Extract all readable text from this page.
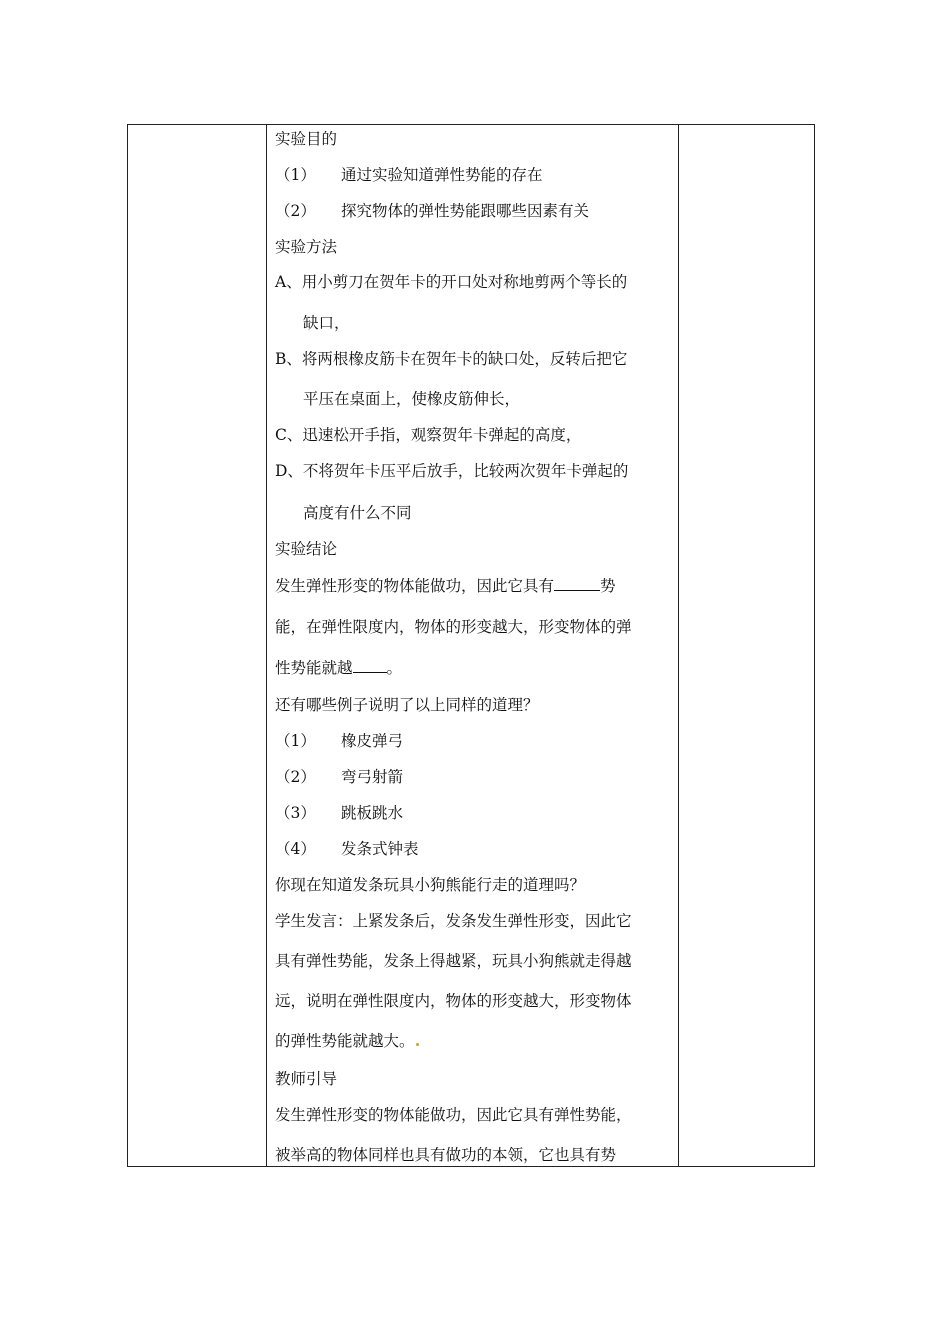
实验目的
（1） 通过实验知道弹性势能的存在
（2） 探究物体的弹性势能跟哪些因素有关
实验方法
A、用小剪刀在贺年卡的开口处对称地剪两个等长的
缺口，
B、将两根橡皮筋卡在贺年卡的缺口处，反转后把它
平压在桌面上，使橡皮筋伸长，
C、迅速松开手指，观察贺年卡弹起的高度，
D、不将贺年卡压平后放手，比较两次贺年卡弹起的
高度有什么不同
实验结论
发生弹性形变的物体能做功，因此它具有	势
能，在弹性限度内，物体的形变越大，形变物体的弹
性势能就越 。
还有哪些例子说明了以上同样的道理？
（1） 橡皮弹弓
（2） 弯弓射箭
（3） 跳板跳水
（4） 发条式钟表
你现在知道发条玩具小狗熊能行走的道理吗？
学生发言：上紧发条后，发条发生弹性形变，因此它
具有弹性势能，发条上得越紧，玩具小狗熊就走得越
远，说明在弹性限度内，物体的形变越大，形变物体
的弹性势能就越大。
教师引导
发生弹性形变的物体能做功，因此它具有弹性势能，
被举高的物体同样也具有做功的本领，它也具有势
